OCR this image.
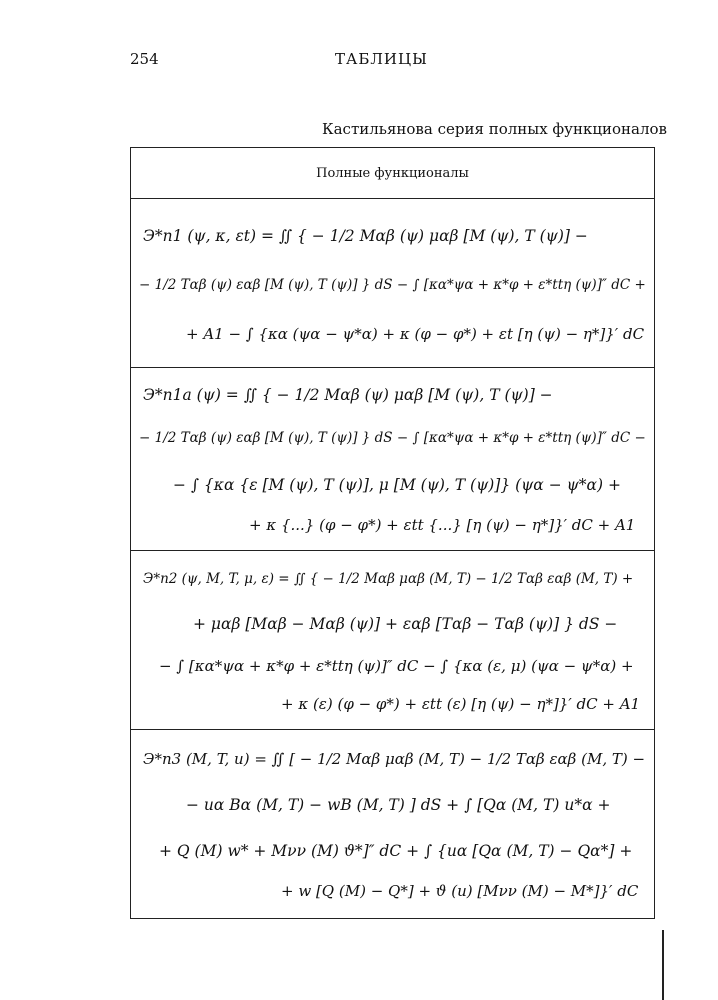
254	ТАБЛИЦЫ
Кастильянова серия полных функционалов
Полные функционалы
Э*п1 (ψ, κ, εt) = ∬ { − 1/2 Mαβ (ψ) μαβ [M (ψ), T (ψ)] −
− 1/2 Tαβ (ψ) εαβ [M (ψ), T (ψ)] } dS − ∫ [κα*ψα + κ*φ + ε*ttη (ψ)]″ dC +
+ A1 − ∫ {κα (ψα − ψ*α) + κ (φ − φ*) + εt [η (ψ) − η*]}′ dC
Э*п1a (ψ) = ∬ { − 1/2 Mαβ (ψ) μαβ [M (ψ), T (ψ)] −
− 1/2 Tαβ (ψ) εαβ [M (ψ), T (ψ)] } dS − ∫ [κα*ψα + κ*φ + ε*ttη (ψ)]″ dC −
− ∫ {κα {ε [M (ψ), T (ψ)], μ [M (ψ), T (ψ)]} (ψα − ψ*α) +
+ κ {...} (φ − φ*) + εtt {...} [η (ψ) − η*]}′ dC + A1
Э*п2 (ψ, M, T, μ, ε) = ∬ { − 1/2 Mαβ μαβ (M, T) − 1/2 Tαβ εαβ (M, T) +
+ μαβ [Mαβ − Mαβ (ψ)] + εαβ [Tαβ − Tαβ (ψ)] } dS −
− ∫ [κα*ψα + κ*φ + ε*ttη (ψ)]″ dC − ∫ {κα (ε, μ) (ψα − ψ*α) +
+ κ (ε) (φ − φ*) + εtt (ε) [η (ψ) − η*]}′ dC + A1
Э*п3 (M, T, u) = ∬ [ − 1/2 Mαβ μαβ (M, T) − 1/2 Tαβ εαβ (M, T) −
− uα Bα (M, T) − wB (M, T) ] dS + ∫ [Qα (M, T) u*α +
+ Q (M) w* + Mνν (M) ϑ*]″ dC + ∫ {uα [Qα (M, T) − Qα*] +
+ w [Q (M) − Q*] + ϑ (u) [Mνν (M) − M*]}′ dC
